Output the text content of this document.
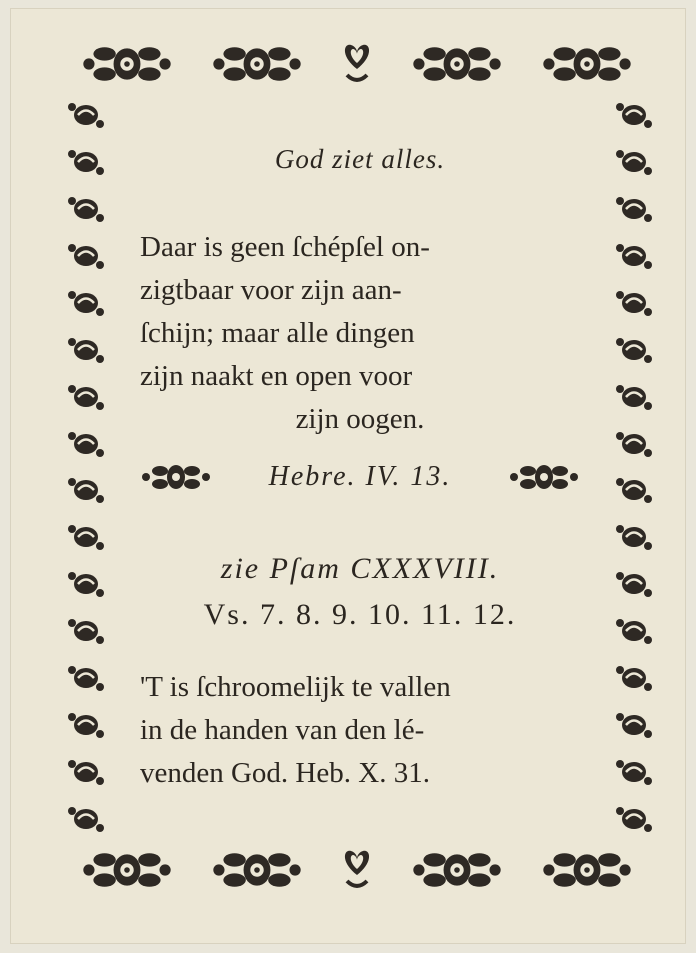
God ziet alles.
Daar is geen ſchépſel on-
zigtbaar voor zijn aan-
ſchijn; maar alle dingen
zijn naakt en open voor
zijn oogen.
Hebre. IV. 13.
zie Pſam CXXXVIII.
Vs. 7. 8. 9. 10. 11. 12.
'T is ſchroomelijk te vallen
in de handen van den lé-
venden God. Heb. X. 31.
